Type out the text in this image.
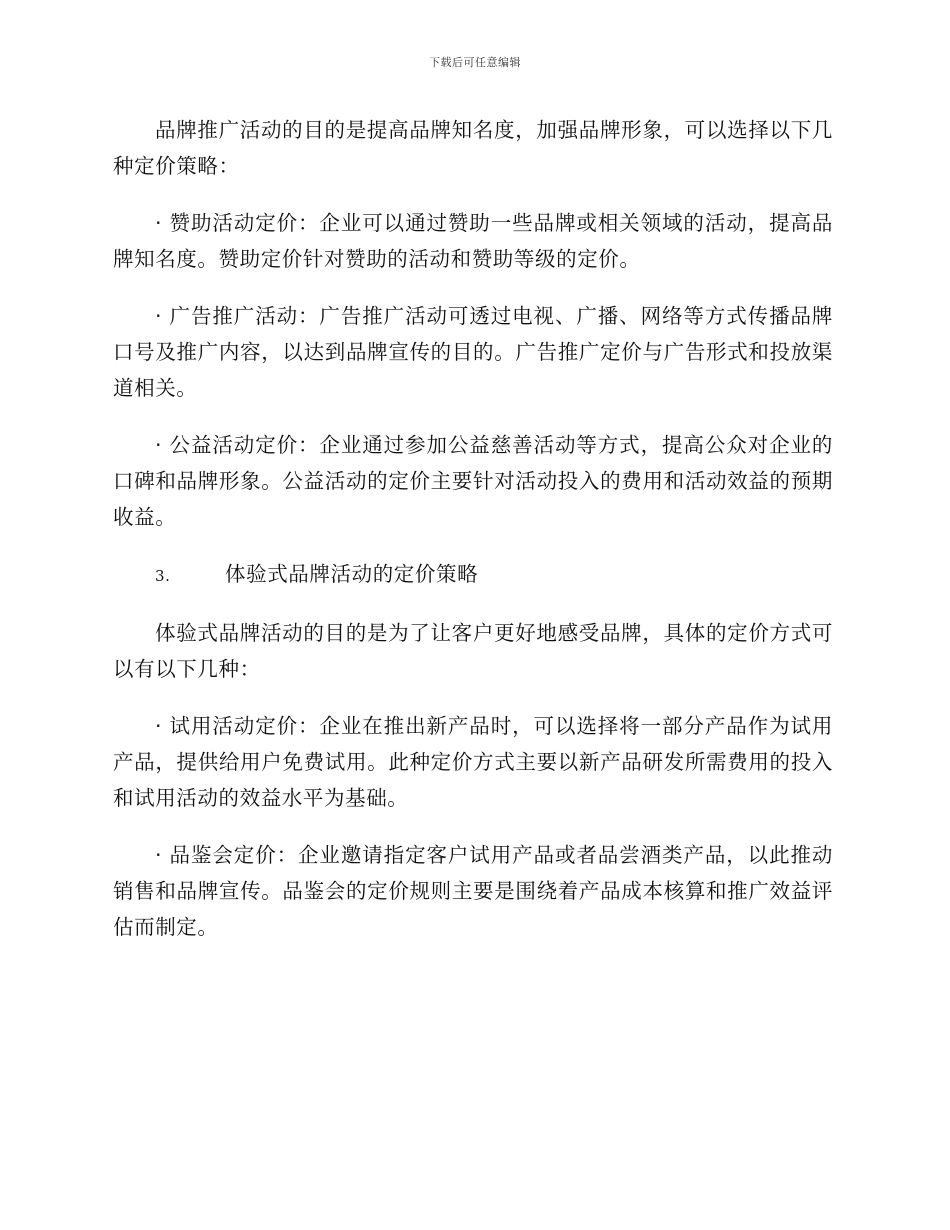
下载后可任意编辑

品牌推广活动的目的是提高品牌知名度，加强品牌形象，可以选择以下几种定价策略：

· 赞助活动定价：企业可以通过赞助一些品牌或相关领域的活动，提高品牌知名度。赞助定价针对赞助的活动和赞助等级的定价。

· 广告推广活动：广告推广活动可透过电视、广播、网络等方式传播品牌口号及推广内容，以达到品牌宣传的目的。广告推广定价与广告形式和投放渠道相关。

· 公益活动定价：企业通过参加公益慈善活动等方式，提高公众对企业的口碑和品牌形象。公益活动的定价主要针对活动投入的费用和活动效益的预期收益。

3.	体验式品牌活动的定价策略

体验式品牌活动的目的是为了让客户更好地感受品牌，具体的定价方式可以有以下几种：

· 试用活动定价：企业在推出新产品时，可以选择将一部分产品作为试用产品，提供给用户免费试用。此种定价方式主要以新产品研发所需费用的投入和试用活动的效益水平为基础。

· 品鉴会定价：企业邀请指定客户试用产品或者品尝酒类产品，以此推动销售和品牌宣传。品鉴会的定价规则主要是围绕着产品成本核算和推广效益评估而制定。
